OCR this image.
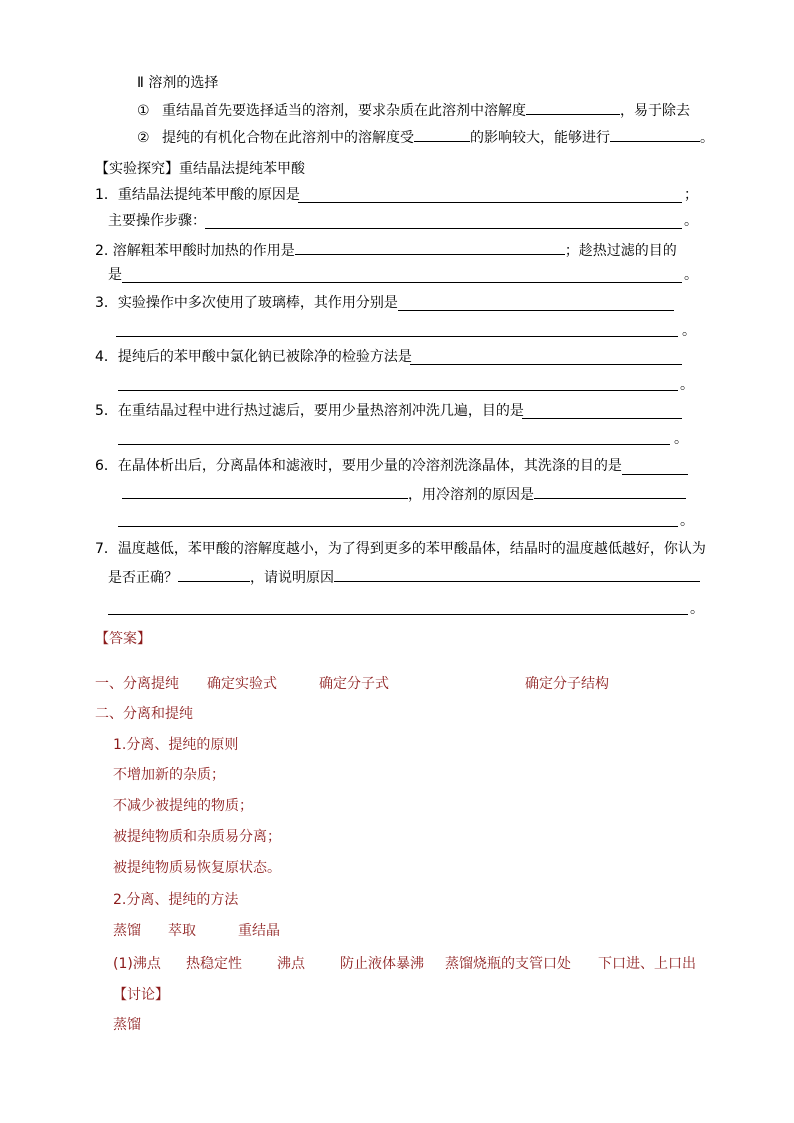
Ⅱ 溶剂的选择
① 重结晶首先要选择适当的溶剂，要求杂质在此溶剂中溶解度	，易于除去
② 提纯的有机化合物在此溶剂中的溶解度受	的影响较大，能够进行	。
【实验探究】重结晶法提纯苯甲酸
1．重结晶法提纯苯甲酸的原因是	；
主要操作步骤：	。
2. 溶解粗苯甲酸时加热的作用是	；趁热过滤的目的
是	。
3．实验操作中多次使用了玻璃棒，其作用分别是
。
4．提纯后的苯甲酸中氯化钠已被除净的检验方法是
。
5．在重结晶过程中进行热过滤后，要用少量热溶剂冲洗几遍，目的是
。
6．在晶体析出后，分离晶体和滤液时，要用少量的冷溶剂洗涤晶体，其洗涤的目的是
，用冷溶剂的原因是
。
7．温度越低，苯甲酸的溶解度越小，为了得到更多的苯甲酸晶体，结晶时的温度越低越好，你认为
是否正确？	，请说明原因
。
【答案】
一、分离提纯 确定实验式	确定分子式	确定分子结构
二、分离和提纯
1.分离、提纯的原则
不增加新的杂质；
不减少被提纯的物质；
被提纯物质和杂质易分离；
被提纯物质易恢复原状态。
2.分离、提纯的方法
蒸馏 萃取	重结晶
(1)沸点 热稳定性	沸点	防止液体暴沸 蒸馏烧瓶的支管口处 下口进、上口出
【讨论】
蒸馏
